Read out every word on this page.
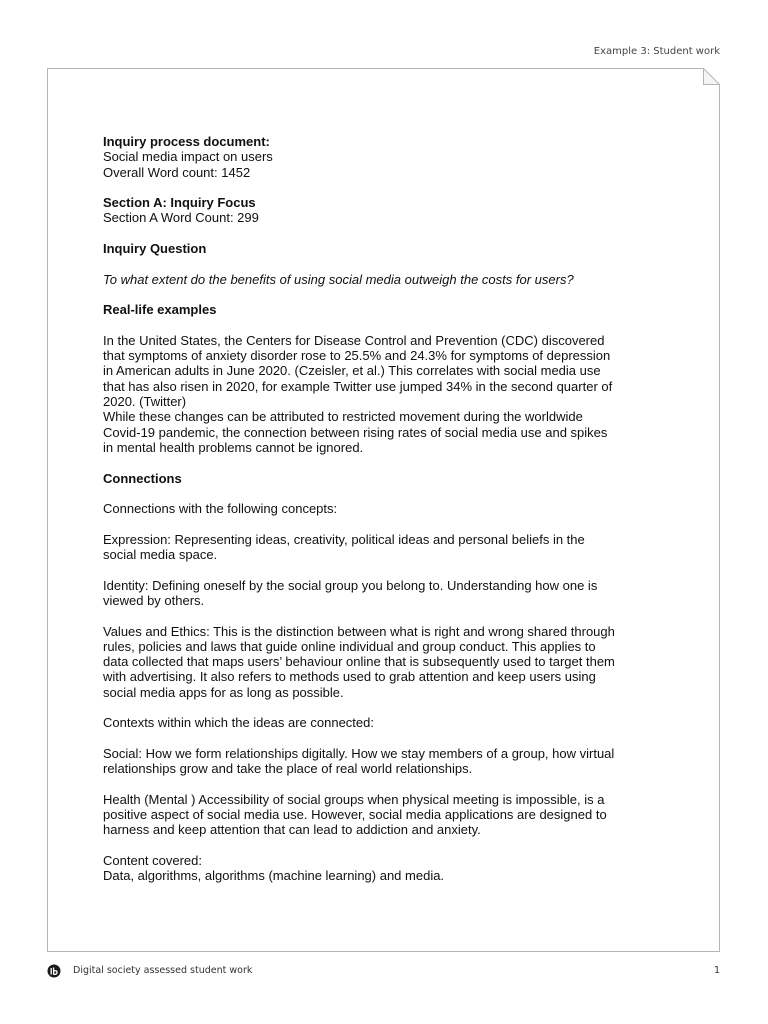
Example 3: Student work

Inquiry process document:

Social media impact on users

Overall Word count: 1452

Section A: Inquiry Focus

Section A Word Count: 299

Inquiry Question

To what extent do the benefits of using social media outweigh the costs for users?

Real-life examples

In the United States, the Centers for Disease Control and Prevention (CDC) discovered

that symptoms of anxiety disorder rose to 25.5% and 24.3% for symptoms of depression

in American adults in June 2020. (Czeisler, et al.) This correlates with social media use

that has also risen in 2020, for example Twitter use jumped 34% in the second quarter of

2020. (Twitter)

While these changes can be attributed to restricted movement during the worldwide

Covid-19 pandemic, the connection between rising rates of social media use and spikes

in mental health problems cannot be ignored.

Connections

Connections with the following concepts:

Expression: Representing ideas, creativity, political ideas and personal beliefs in the

social media space.

Identity: Defining oneself by the social group you belong to. Understanding how one is

viewed by others.

Values and Ethics: This is the distinction between what is right and wrong shared through

rules, policies and laws that guide online individual and group conduct. This applies to

data collected that maps users’ behaviour online that is subsequently used to target them

with advertising. It also refers to methods used to grab attention and keep users using

social media apps for as long as possible.

Contexts within which the ideas are connected:

Social: How we form relationships digitally. How we stay members of a group, how virtual

relationships grow and take the place of real world relationships.

Health (Mental ) Accessibility of social groups when physical meeting is impossible, is a

positive aspect of social media use. However, social media applications are designed to

harness and keep attention that can lead to addiction and anxiety.

Content covered:

Data, algorithms, algorithms (machine learning) and media.

Digital society assessed student work	1
